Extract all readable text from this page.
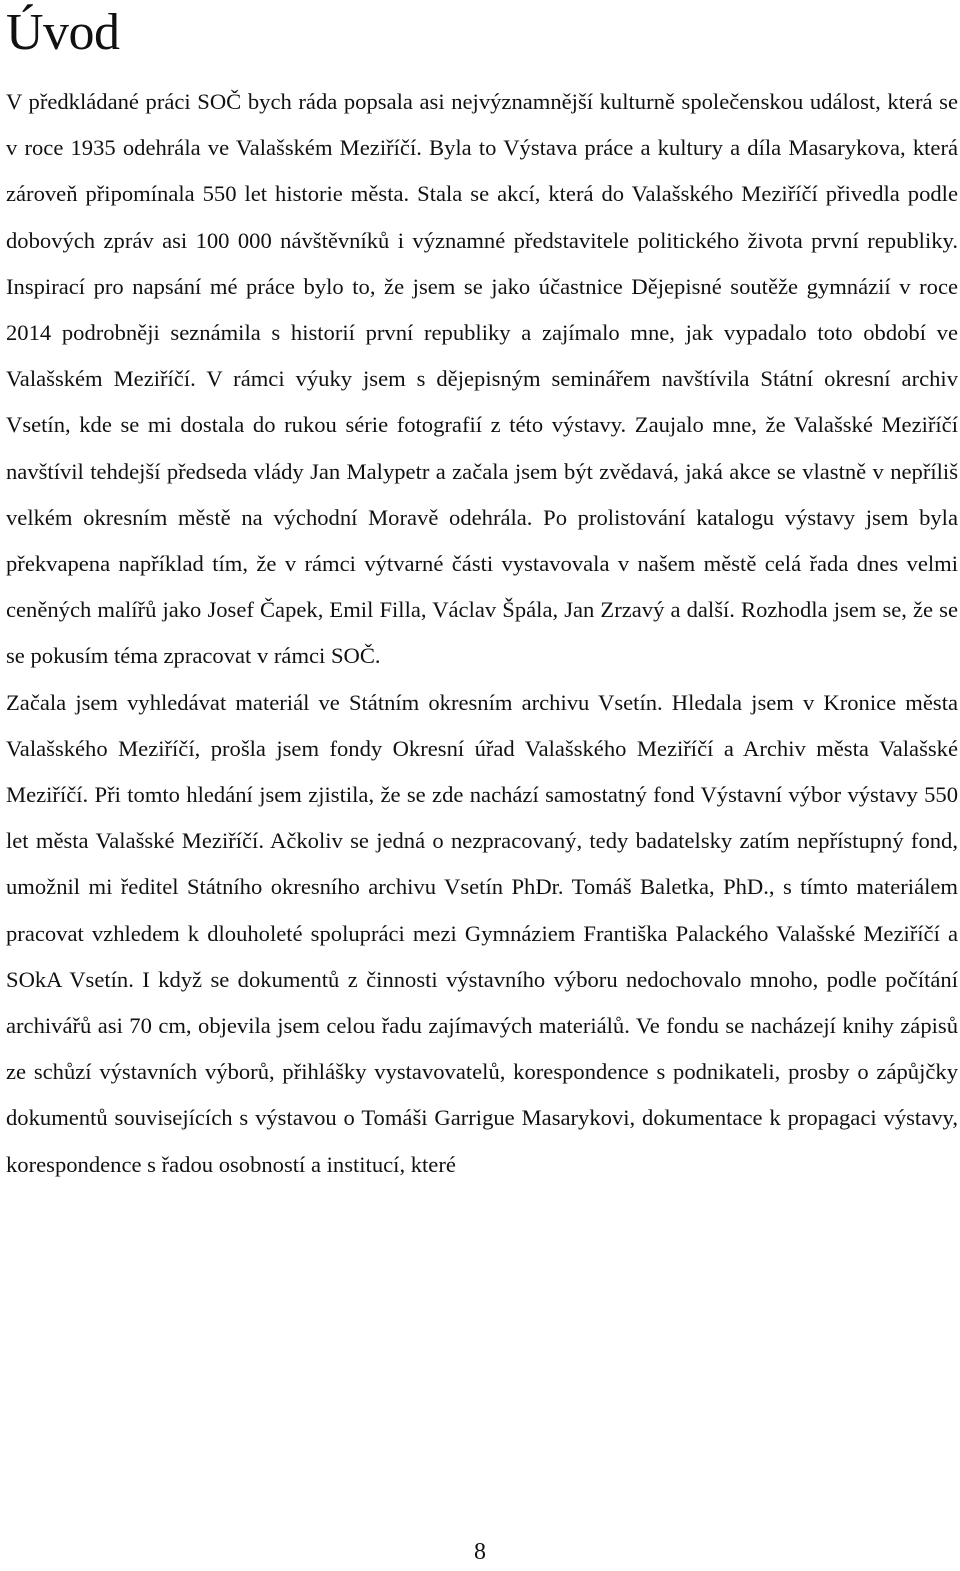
Úvod

V předkládané práci SOČ bych ráda popsala asi nejvýznamnější kulturně společenskou událost, která se v roce 1935 odehrála ve Valašském Meziříčí. Byla to Výstava práce a kultury a díla Masarykova, která zároveň připomínala 550 let historie města. Stala se akcí, která do Valašského Meziříčí přivedla podle dobových zpráv asi 100 000 návštěvníků i významné představitele politického života první republiky. Inspirací pro napsání mé práce bylo to, že jsem se jako účastnice Dějepisné soutěže gymnázií v roce 2014 podrobněji seznámila s historií první republiky a zajímalo mne, jak vypadalo toto období ve Valašském Meziříčí. V rámci výuky jsem s dějepisným seminářem navštívila Státní okresní archiv Vsetín, kde se mi dostala do rukou série fotografií z této výstavy. Zaujalo mne, že Valašské Meziříčí navštívil tehdejší předseda vlády Jan Malypetr a začala jsem být zvědavá, jaká akce se vlastně v nepříliš velkém okresním městě na východní Moravě odehrála. Po prolistování katalogu výstavy jsem byla překvapena například tím, že v rámci výtvarné části vystavovala v našem městě celá řada dnes velmi ceněných malířů jako Josef Čapek, Emil Filla, Václav Špála, Jan Zrzavý a další. Rozhodla jsem se, že se se pokusím téma zpracovat v rámci SOČ.

Začala jsem vyhledávat materiál ve Státním okresním archivu Vsetín. Hledala jsem v Kronice města Valašského Meziříčí, prošla jsem fondy Okresní úřad Valašského Meziříčí a Archiv města Valašské Meziříčí. Při tomto hledání jsem zjistila, že se zde nachází samostatný fond Výstavní výbor výstavy 550 let města Valašské Meziříčí. Ačkoliv se jedná o nezpracovaný, tedy badatelsky zatím nepřístupný fond, umožnil mi ředitel Státního okresního archivu Vsetín PhDr. Tomáš Baletka, PhD., s tímto materiálem pracovat vzhledem k dlouholeté spolupráci mezi Gymnáziem Františka Palackého Valašské Meziříčí a SOkA Vsetín. I když se dokumentů z činnosti výstavního výboru nedochovalo mnoho, podle počítání archivářů asi 70 cm, objevila jsem celou řadu zajímavých materiálů. Ve fondu se nacházejí knihy zápisů ze schůzí výstavních výborů, přihlášky vystavovatelů, korespondence s podnikateli, prosby o zápůjčky dokumentů souvisejících s výstavou o Tomáši Garrigue Masarykovi, dokumentace k propagaci výstavy, korespondence s řadou osobností a institucí, které

8
